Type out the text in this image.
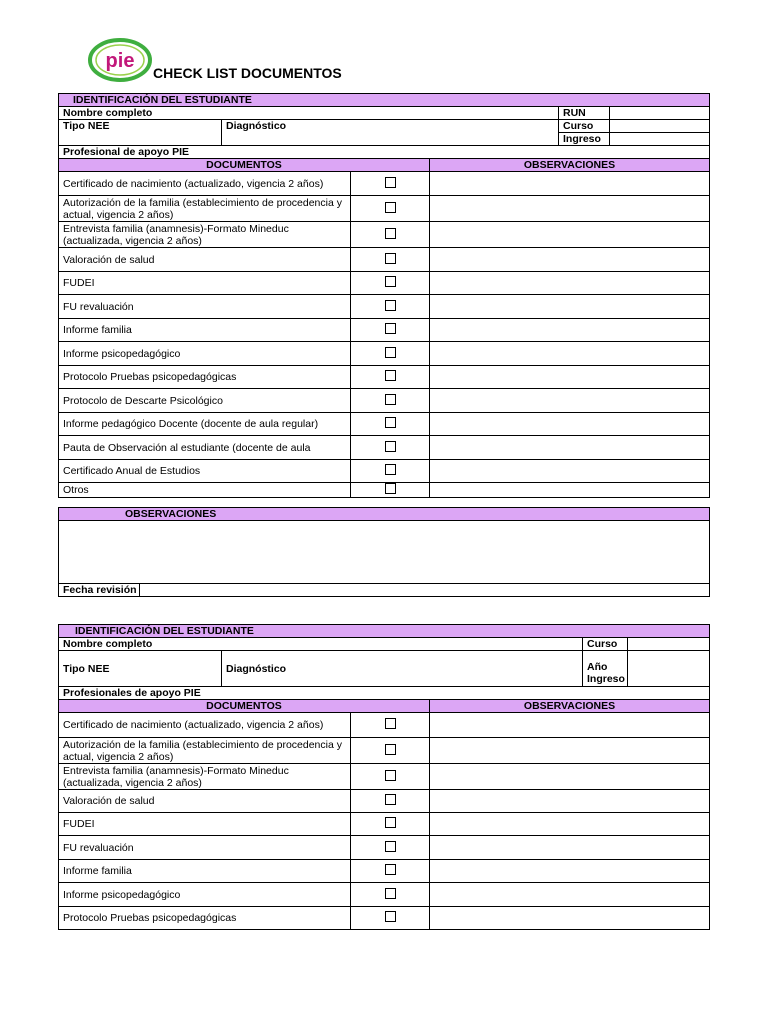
pie
CHECK LIST DOCUMENTOS
IDENTIFICACIÓN DEL ESTUDIANTE					
Nombre completo				RUN	
Tipo NEE	Diagnóstico			Curso	
				Ingreso	
Profesional de apoyo PIE					
DOCUMENTOS			OBSERVACIONES		
Certificado de nacimiento (actualizado, vigencia 2 años)					
Autorización de la familia (establecimiento de procedencia y actual, vigencia 2 años)					
Entrevista familia (anamnesis)-Formato Mineduc (actualizada, vigencia 2 años)					
Valoración de salud					
FUDEI					
FU revaluación					
Informe familia					
Informe psicopedagógico					
Protocolo Pruebas psicopedagógicas					
Protocolo de Descarte Psicológico					
Informe pedagógico Docente (docente de aula regular)					
Pauta de Observación al estudiante (docente de aula					
Certificado Anual de Estudios					
Otros					
OBSERVACIONES

Fecha revisión	
IDENTIFICACIÓN DEL ESTUDIANTE					
Nombre completo				Curso	
Tipo NEE	Diagnóstico			Año Ingreso	
Profesionales de apoyo PIE					
DOCUMENTOS			OBSERVACIONES		
Certificado de nacimiento (actualizado, vigencia 2 años)					
Autorización de la familia (establecimiento de procedencia y actual, vigencia 2 años)					
Entrevista familia (anamnesis)-Formato Mineduc (actualizada, vigencia 2 años)					
Valoración de salud					
FUDEI					
FU revaluación					
Informe familia					
Informe psicopedagógico					
Protocolo Pruebas psicopedagógicas					
